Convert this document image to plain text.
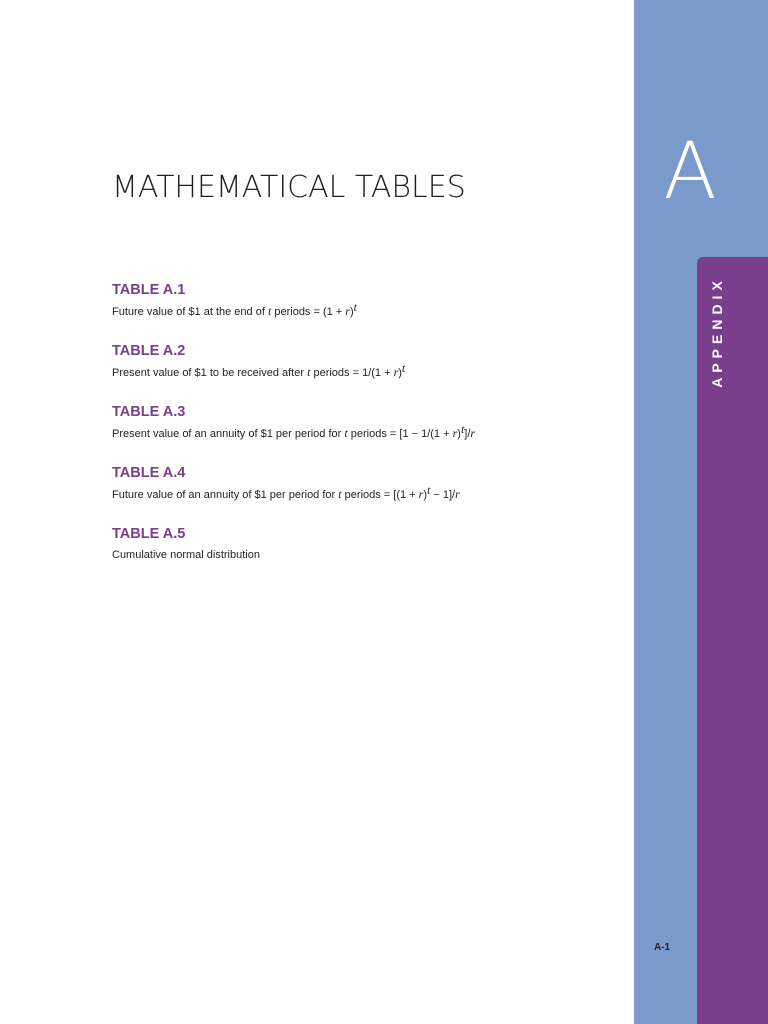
A
APPENDIX
MATHEMATICAL TABLES
TABLE A.1
Future value of $1 at the end of t periods = $(1 + r)^t$
TABLE A.2
Present value of $1 to be received after t periods = $1/(1 + r)^t$
TABLE A.3
Present value of an annuity of $1 per period for t periods = $[1 - 1/(1 + r)^t]/r$
TABLE A.4
Future value of an annuity of $1 per period for t periods = $[(1 + r)^t - 1]/r$
TABLE A.5
Cumulative normal distribution
A-1
